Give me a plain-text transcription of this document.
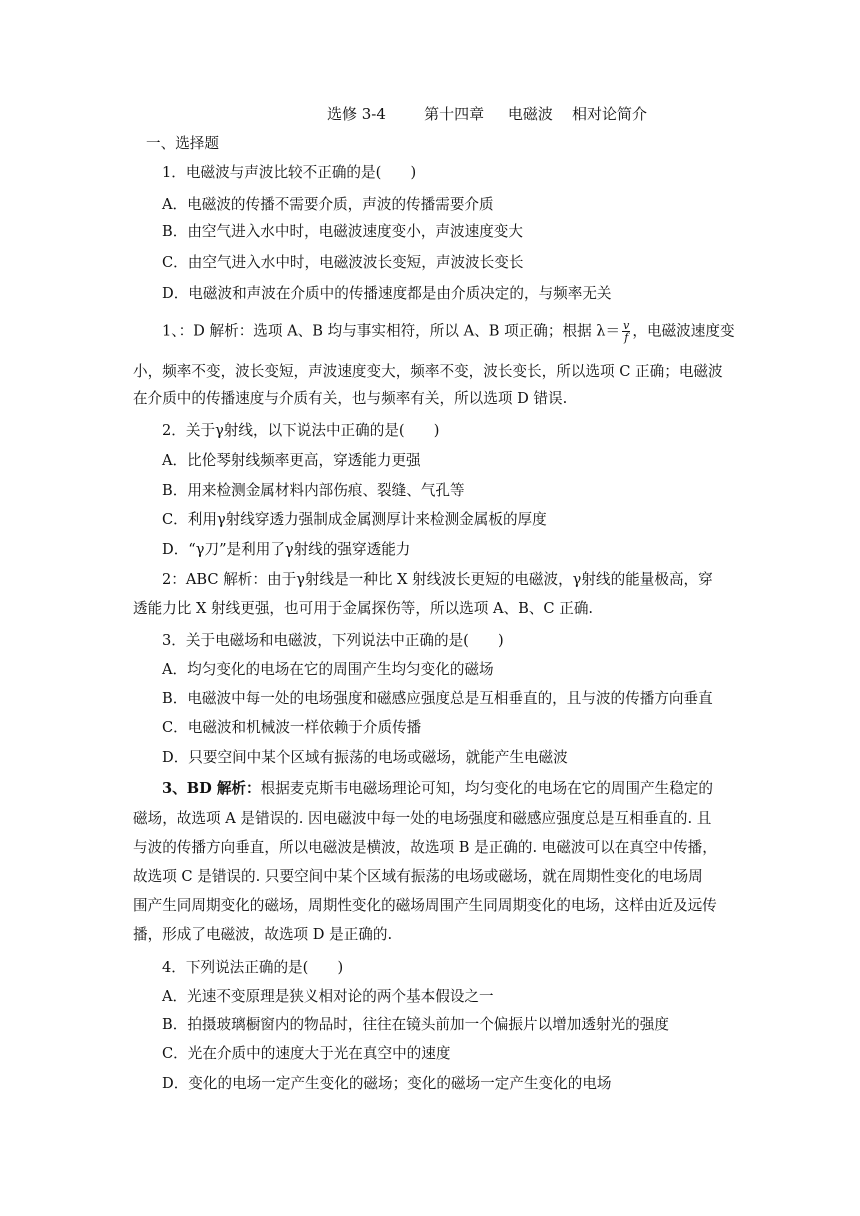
选修 3-4        第十四章     电磁波    相对论简介
一、选择题
1．电磁波与声波比较不正确的是(　　)
A．电磁波的传播不需要介质，声波的传播需要介质
B．由空气进入水中时，电磁波速度变小，声波速度变大
C．由空气进入水中时，电磁波波长变短，声波波长变长
D．电磁波和声波在介质中的传播速度都是由介质决定的，与频率无关
1、：D 解析：选项 A、B 均与事实相符，所以 A、B 项正确；根据 $\lambda= \frac{v}{f}$ ，电磁波速度变
小，频率不变，波长变短，声波速度变大，频率不变，波长变长，所以选项 C 正确；电磁波
在介质中的传播速度与介质有关，也与频率有关，所以选项 D 错误.
2．关于γ射线，以下说法中正确的是(　　)
A．比伦琴射线频率更高，穿透能力更强
B．用来检测金属材料内部伤痕、裂缝、气孔等
C．利用γ射线穿透力强制成金属测厚计来检测金属板的厚度
D．“γ刀”是利用了γ射线的强穿透能力
2：ABC 解析：由于γ射线是一种比 X 射线波长更短的电磁波，γ射线的能量极高，穿
透能力比 X 射线更强，也可用于金属探伤等，所以选项 A、B、C 正确.
3．关于电磁场和电磁波，下列说法中正确的是(　　)
A．均匀变化的电场在它的周围产生均匀变化的磁场
B．电磁波中每一处的电场强度和磁感应强度总是互相垂直的，且与波的传播方向垂直
C．电磁波和机械波一样依赖于介质传播
D．只要空间中某个区域有振荡的电场或磁场，就能产生电磁波
3、BD 解析：根据麦克斯韦电磁场理论可知，均匀变化的电场在它的周围产生稳定的
磁场，故选项 A 是错误的. 因电磁波中每一处的电场强度和磁感应强度总是互相垂直的. 且
与波的传播方向垂直，所以电磁波是横波，故选项 B 是正确的. 电磁波可以在真空中传播，
故选项 C 是错误的. 只要空间中某个区域有振荡的电场或磁场，就在周期性变化的电场周
围产生同周期变化的磁场，周期性变化的磁场周围产生同周期变化的电场，这样由近及远传
播，形成了电磁波，故选项 D 是正确的.
4．下列说法正确的是(　　)
A．光速不变原理是狭义相对论的两个基本假设之一
B．拍摄玻璃橱窗内的物品时，往往在镜头前加一个偏振片以增加透射光的强度
C．光在介质中的速度大于光在真空中的速度
D．变化的电场一定产生变化的磁场；变化的磁场一定产生变化的电场
